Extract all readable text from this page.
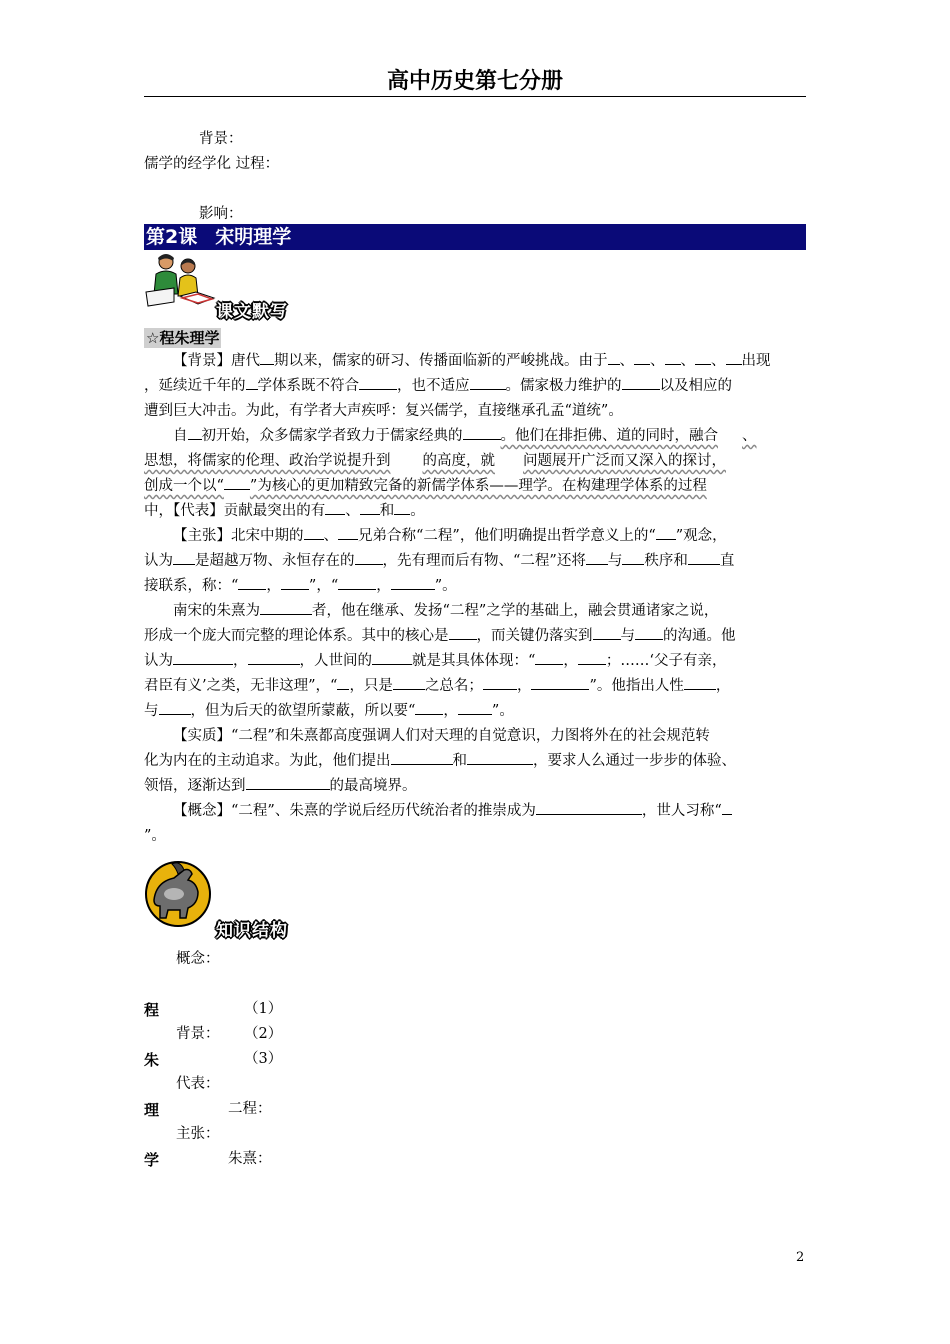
高中历史第七分册
背景：
儒学的经学化 过程：
影响：
第2课 宋明理学
课文默写
☆程朱理学
【背景】唐代 期以来，儒家的研习、传播面临新的严峻挑战。由于 、 、 、 、 出现
，延续近千年的 学体系既不符合	，也不适应 。儒家极力维护的	以及相应的
遭到巨大冲击。为此，有学者大声疾呼：复兴儒学，直接继承孔孟“道统”。
自 初开始，众多儒家学者致力于儒家经典的	。他们在排拒佛、道的同时，融合 、
思想，将儒家的伦理、政治学说提升到 的高度，就 问题展开广泛而又深入的探讨，
创成一个以“ ”为核心的更加精致完备的新儒学体系——理学。在构建理学体系的过程
中，【代表】贡献最突出的有 、 和 。
【主张】北宋中期的 、 兄弟合称“二程”，他们明确提出哲学意义上的“ ”观念，
认为 是超越万物、永恒存在的 ，先有理而后有物、“二程”还将 与 秩序和 直
接联系，称：“ ， ”，“	，	”。
南宋的朱熹为	者，他在继承、发扬“二程”之学的基础上，融会贯通诸家之说，
形成一个庞大而完整的理论体系。其中的核心是 ，而关键仍落实到 与 的沟通。他
认为	，	，人世间的	就是其具体体现：“ ， ；……‘父子有亲，
君臣有义’之类，无非这理”，“ ，只是 之总名； ，	”。他指出人性 ，
与 ，但为后天的欲望所蒙蔽，所以要“ ， ”。
【实质】“二程”和朱熹都高度强调人们对天理的自觉意识，力图将外在的社会规范转
化为内在的主动追求。为此，他们提出	和	，要求人么通过一步步的体验、
领悟，逐渐达到	的最高境界。
【概念】“二程”、朱熹的学说后经历代统治者的推崇成为	，世人习称“
”。
知识结构
概念：
程	（1）
背景： （2）
朱	（3）
代表：
理	二程：
主张：
学	朱熹：
2
